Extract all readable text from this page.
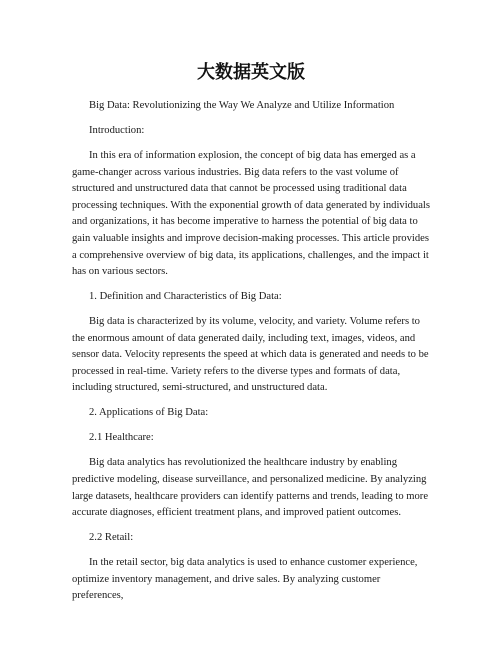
大数据英文版

Big Data: Revolutionizing the Way We Analyze and Utilize Information

Introduction:

In this era of information explosion, the concept of big data has emerged as a game-changer across various industries. Big data refers to the vast volume of structured and unstructured data that cannot be processed using traditional data processing techniques. With the exponential growth of data generated by individuals and organizations, it has become imperative to harness the potential of big data to gain valuable insights and improve decision-making processes. This article provides a comprehensive overview of big data, its applications, challenges, and the impact it has on various sectors.

1. Definition and Characteristics of Big Data:

Big data is characterized by its volume, velocity, and variety. Volume refers to the enormous amount of data generated daily, including text, images, videos, and sensor data. Velocity represents the speed at which data is generated and needs to be processed in real-time. Variety refers to the diverse types and formats of data, including structured, semi-structured, and unstructured data.

2. Applications of Big Data:

2.1 Healthcare:

Big data analytics has revolutionized the healthcare industry by enabling predictive modeling, disease surveillance, and personalized medicine. By analyzing large datasets, healthcare providers can identify patterns and trends, leading to more accurate diagnoses, efficient treatment plans, and improved patient outcomes.

2.2 Retail:

In the retail sector, big data analytics is used to enhance customer experience, optimize inventory management, and drive sales. By analyzing customer preferences,
